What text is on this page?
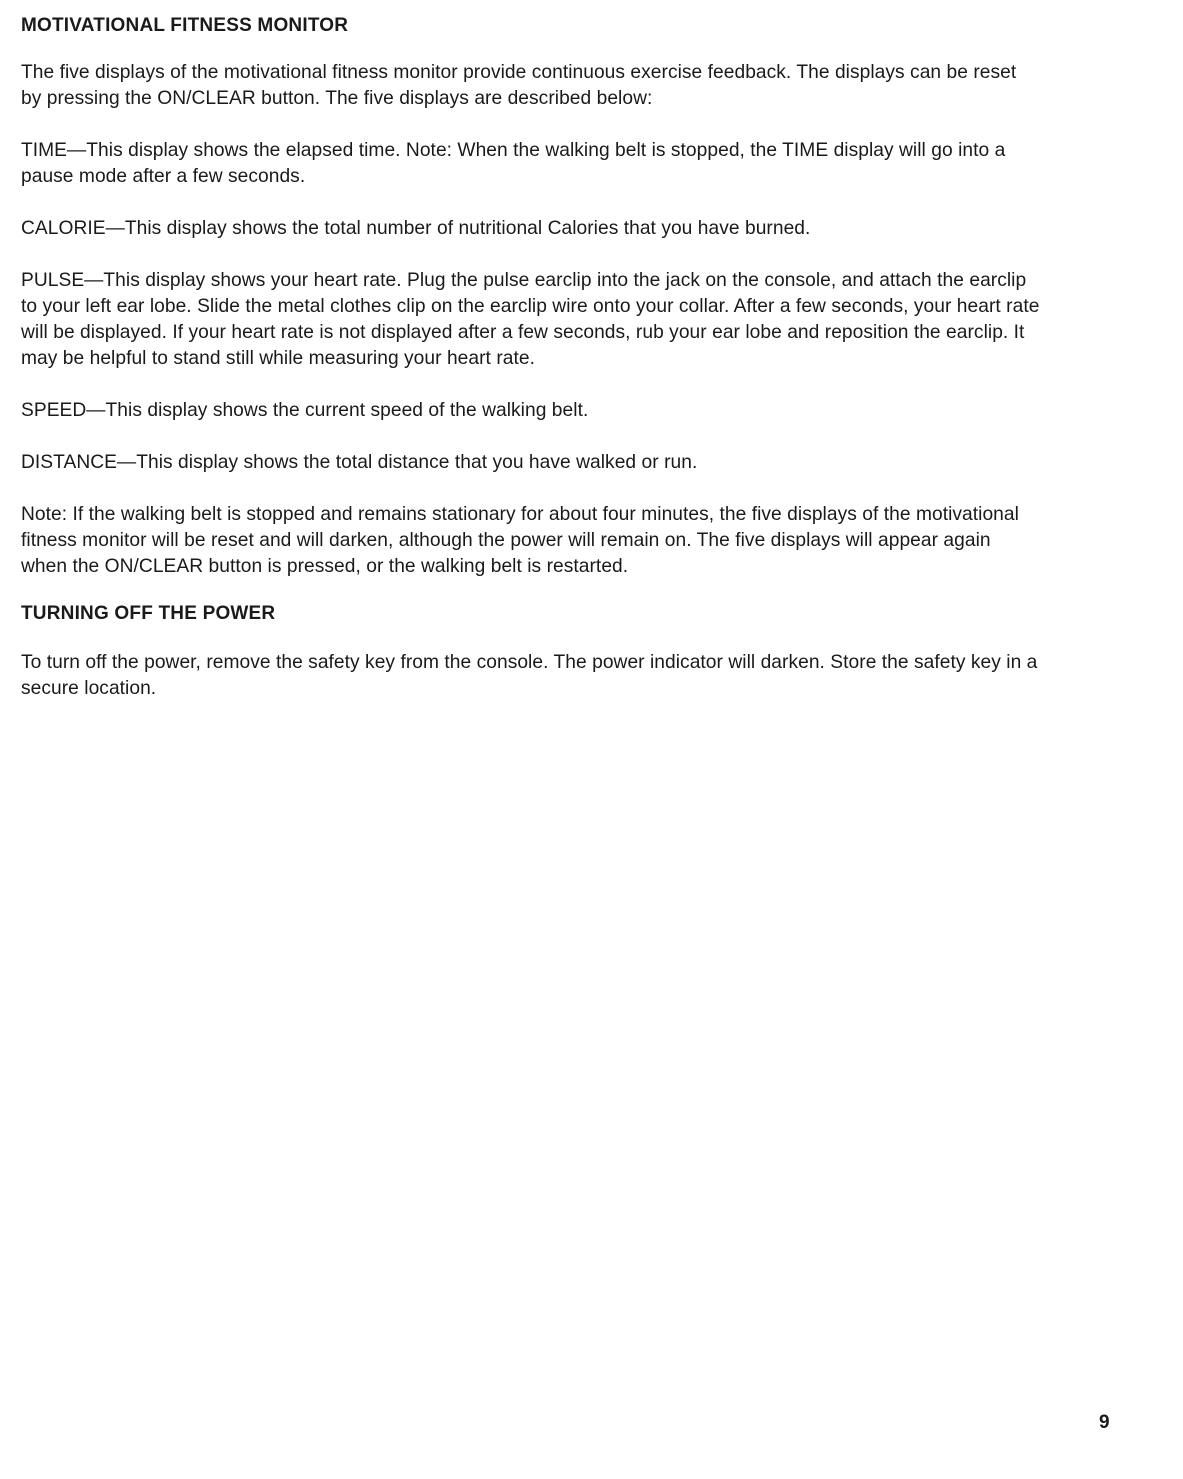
MOTIVATIONAL FITNESS MONITOR

The five displays of the motivational fitness monitor provide continuous exercise feedback. The displays can be reset by pressing the ON/CLEAR button. The five displays are described below:

TIME—This display shows the elapsed time. Note: When the walking belt is stopped, the TIME display will go into a pause mode after a few seconds.

CALORIE—This display shows the total number of nutritional Calories that you have burned.

PULSE—This display shows your heart rate. Plug the pulse earclip into the jack on the console, and attach the earclip to your left ear lobe. Slide the metal clothes clip on the earclip wire onto your collar. After a few seconds, your heart rate will be displayed. If your heart rate is not displayed after a few seconds, rub your ear lobe and reposition the earclip. It may be helpful to stand still while measuring your heart rate.

SPEED—This display shows the current speed of the walking belt.

DISTANCE—This display shows the total distance that you have walked or run.

Note: If the walking belt is stopped and remains stationary for about four minutes, the five displays of the motivational fitness monitor will be reset and will darken, although the power will remain on. The five displays will appear again when the ON/CLEAR button is pressed, or the walking belt is restarted.

TURNING OFF THE POWER

To turn off the power, remove the safety key from the console. The power indicator will darken. Store the safety key in a secure location.

9
